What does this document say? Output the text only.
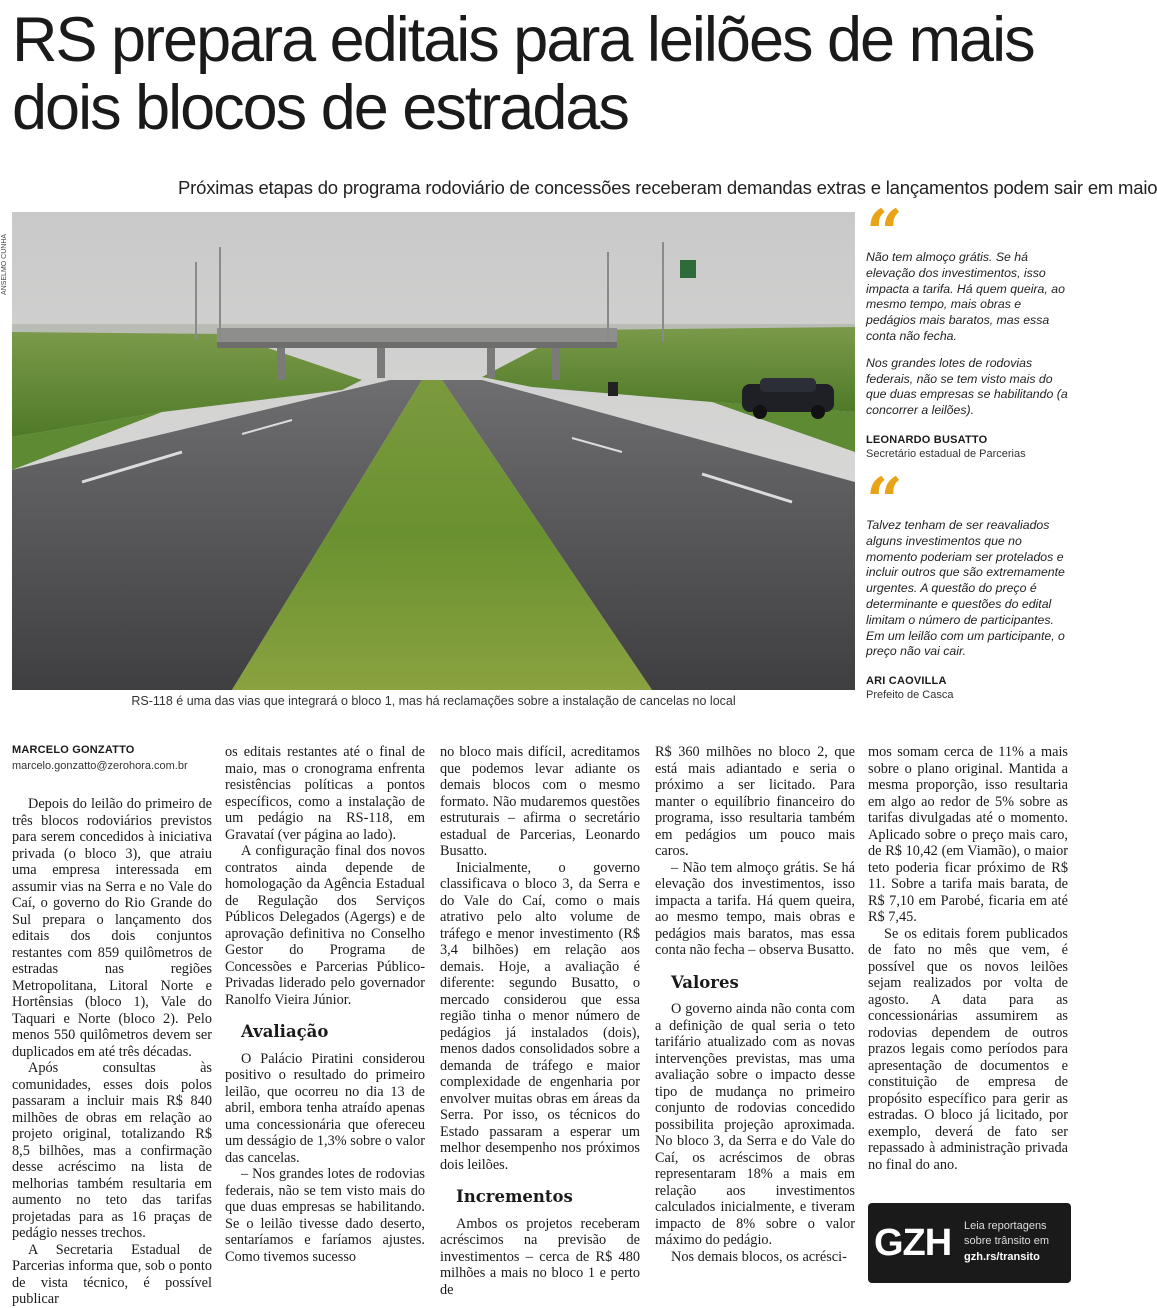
RS prepara editais para leilões de mais dois blocos de estradas
Próximas etapas do programa rodoviário de concessões receberam demandas extras e lançamentos podem sair em maio
ANSELMO CUNHA
RS-118 é uma das vias que integrará o bloco 1, mas há reclamações sobre a instalação de cancelas no local
“

Não tem almoço grátis. Se há elevação dos investimentos, isso impacta a tarifa. Há quem queira, ao mesmo tempo, mais obras e pedágios mais baratos, mas essa conta não fecha.

Nos grandes lotes de rodovias federais, não se tem visto mais do que duas empresas se habilitando (a concorrer a leilões).

LEONARDO BUSATTO
Secretário estadual de Parcerias
“

Talvez tenham de ser reavaliados alguns investimentos que no momento poderiam ser protelados e incluir outros que são extremamente urgentes. A questão do preço é determinante e questões do edital limitam o número de participantes. Em um leilão com um participante, o preço não vai cair.

ARI CAOVILLA
Prefeito de Casca
MARCELO GONZATTO
marcelo.gonzatto@zerohora.com.br

Depois do leilão do primeiro de três blocos rodoviários previstos para serem concedidos à iniciativa privada (o bloco 3), que atraiu uma empresa interessada em assumir vias na Serra e no Vale do Caí, o governo do Rio Grande do Sul prepara o lançamento dos editais dos dois conjuntos restantes com 859 quilômetros de estradas nas regiões Metropolitana, Litoral Norte e Hortênsias (bloco 1), Vale do Taquari e Norte (bloco 2). Pelo menos 550 quilômetros devem ser duplicados em até três décadas.

Após consultas às comunidades, esses dois polos passaram a incluir mais R$ 840 milhões de obras em relação ao projeto original, totalizando R$ 8,5 bilhões, mas a confirmação desse acréscimo na lista de melhorias também resultaria em aumento no teto das tarifas projetadas para as 16 praças de pedágio nesses trechos.

A Secretaria Estadual de Parcerias informa que, sob o ponto de vista técnico, é possível publicar

os editais restantes até o final de maio, mas o cronograma enfrenta resistências políticas a pontos específicos, como a instalação de um pedágio na RS-118, em Gravataí (ver página ao lado).

A configuração final dos novos contratos ainda depende de homologação da Agência Estadual de Regulação dos Serviços Públicos Delegados (Agergs) e de aprovação definitiva no Conselho Gestor do Programa de Concessões e Parcerias Público-Privadas liderado pelo governador Ranolfo Vieira Júnior.

Avaliação

O Palácio Piratini considerou positivo o resultado do primeiro leilão, que ocorreu no dia 13 de abril, embora tenha atraído apenas uma concessionária que ofereceu um desságio de 1,3% sobre o valor das cancelas.

– Nos grandes lotes de rodovias federais, não se tem visto mais do que duas empresas se habilitando. Se o leilão tivesse dado deserto, sentaríamos e faríamos ajustes. Como tivemos sucesso

no bloco mais difícil, acreditamos que podemos levar adiante os demais blocos com o mesmo formato. Não mudaremos questões estruturais – afirma o secretário estadual de Parcerias, Leonardo Busatto.

Inicialmente, o governo classificava o bloco 3, da Serra e do Vale do Caí, como o mais atrativo pelo alto volume de tráfego e menor investimento (R$ 3,4 bilhões) em relação aos demais. Hoje, a avaliação é diferente: segundo Busatto, o mercado considerou que essa região tinha o menor número de pedágios já instalados (dois), menos dados consolidados sobre a demanda de tráfego e maior complexidade de engenharia por envolver muitas obras em áreas da Serra. Por isso, os técnicos do Estado passaram a esperar um melhor desempenho nos próximos dois leilões.

Incrementos

Ambos os projetos receberam acréscimos na previsão de investimentos – cerca de R$ 480 milhões a mais no bloco 1 e perto de

R$ 360 milhões no bloco 2, que está mais adiantado e seria o próximo a ser licitado. Para manter o equilíbrio financeiro do programa, isso resultaria também em pedágios um pouco mais caros.

– Não tem almoço grátis. Se há elevação dos investimentos, isso impacta a tarifa. Há quem queira, ao mesmo tempo, mais obras e pedágios mais baratos, mas essa conta não fecha – observa Busatto.

Valores

O governo ainda não conta com a definição de qual seria o teto tarifário atualizado com as novas intervenções previstas, mas uma avaliação sobre o impacto desse tipo de mudança no primeiro conjunto de rodovias concedido possibilita projeção aproximada. No bloco 3, da Serra e do Vale do Caí, os acréscimos de obras representaram 18% a mais em relação aos investimentos calculados inicialmente, e tiveram impacto de 8% sobre o valor máximo do pedágio.

Nos demais blocos, os acrésci-

mos somam cerca de 11% a mais sobre o plano original. Mantida a mesma proporção, isso resultaria em algo ao redor de 5% sobre as tarifas divulgadas até o momento. Aplicado sobre o preço mais caro, de R$ 10,42 (em Viamão), o maior teto poderia ficar próximo de R$ 11. Sobre a tarifa mais barata, de R$ 7,10 em Parobé, ficaria em até R$ 7,45.

Se os editais forem publicados de fato no mês que vem, é possível que os novos leilões sejam realizados por volta de agosto. A data para as concessionárias assumirem as rodovias dependem de outros prazos legais como períodos para apresentação de documentos e constituição de empresa de propósito específico para gerir as estradas. O bloco já licitado, por exemplo, deverá de fato ser repassado à administração privada no final do ano.

GZH Leia reportagens
sobre trânsito em
gzh.rs/transito
